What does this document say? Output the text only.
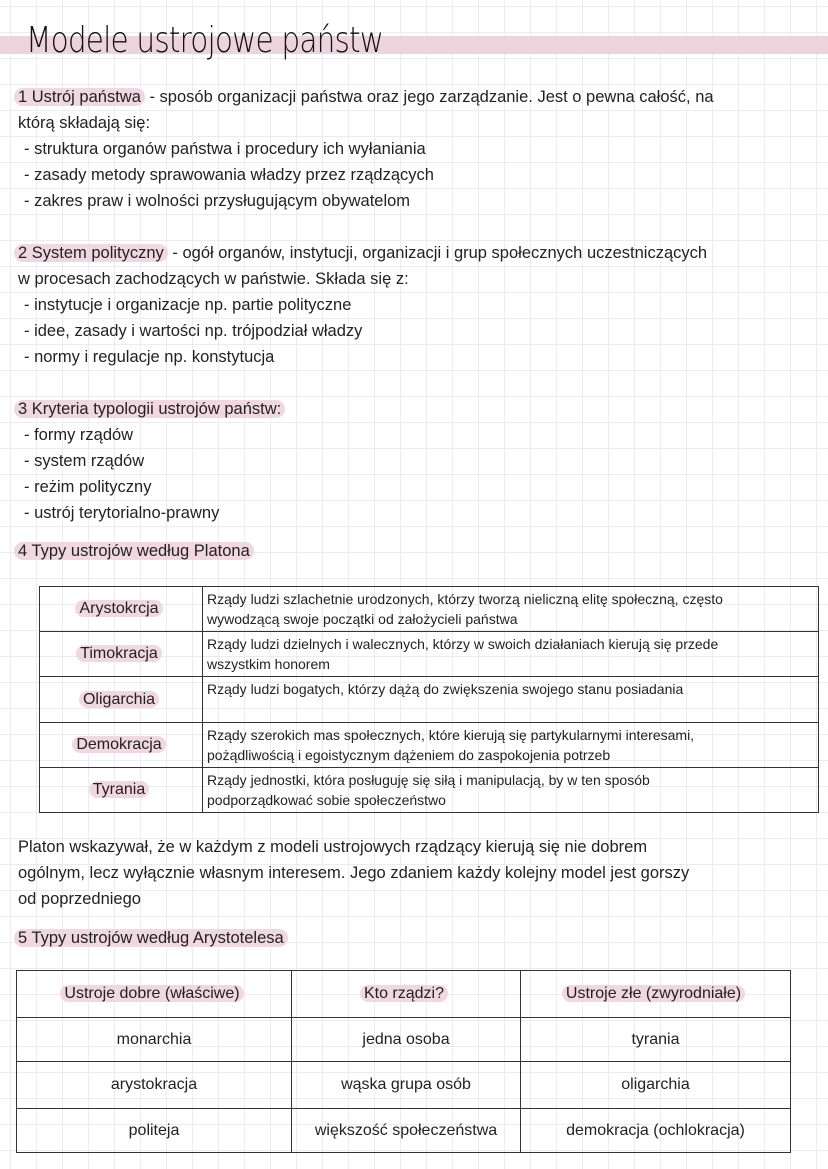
Modele ustrojowe państw
1 Ustrój państwa - sposób organizacji państwa oraz jego zarządzanie. Jest o pewna całość, na
którą składają się:
- struktura organów państwa i procedury ich wyłaniania
- zasady metody sprawowania władzy przez rządzących
- zakres praw i wolności przysługującym obywatelom
2 System polityczny - ogół organów, instytucji, organizacji i grup społecznych uczestniczących
w procesach zachodzących w państwie. Składa się z:
- instytucje i organizacje np. partie polityczne
- idee, zasady i wartości np. trójpodział władzy
- normy i regulacje np. konstytucja
3 Kryteria typologii ustrojów państw:
- formy rządów
- system rządów
- reżim polityczny
- ustrój terytorialno-prawny
4 Typy ustrojów według Platona
Arystokrcja	Rządy ludzi szlachetnie urodzonych, którzy tworzą nieliczną elitę społeczną, często
wywodzącą swoje początki od założycieli państwa

Timokracja	Rządy ludzi dzielnych i walecznych, którzy w swoich działaniach kierują się przede
wszystkim honorem

Oligarchia	Rządy ludzi bogatych, którzy dążą do zwiększenia swojego stanu posiadania

Demokracja	Rządy szerokich mas społecznych, które kierują się partykularnymi interesami,
pożądliwością i egoistycznym dążeniem do zaspokojenia potrzeb

Tyrania	Rządy jednostki, która posługuję się siłą i manipulacją, by w ten sposób
podporządkować sobie społeczeństwo
Platon wskazywał, że w każdym z modeli ustrojowych rządzący kierują się nie dobrem
ogólnym, lecz wyłącznie własnym interesem. Jego zdaniem każdy kolejny model jest gorszy
od poprzedniego
5 Typy ustrojów według Arystotelesa
Ustroje dobre (właściwe)	Kto rządzi?	Ustroje złe (zwyrodniałe)
monarchia	jedna osoba	tyrania
arystokracja	wąska grupa osób	oligarchia
politeja	większość społeczeństwa	demokracja (ochlokracja)
